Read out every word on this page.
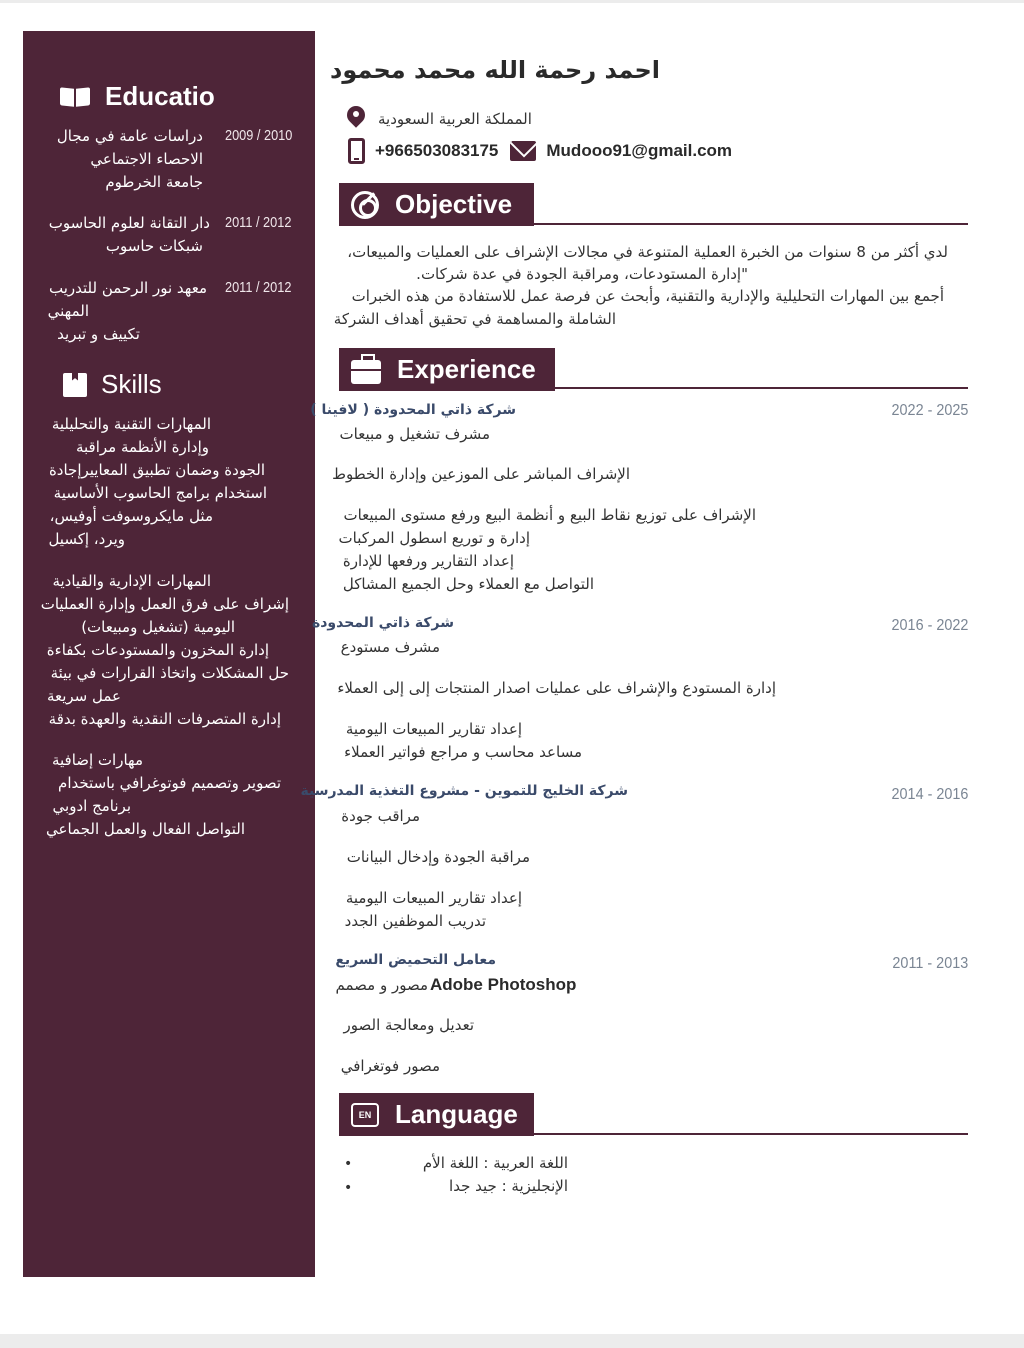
Educatio
2009 / 2010
دراسات عامة في مجال
الاحصاء الاجتماعي
جامعة الخرطوم
2011 / 2012
دار التقانة لعلوم الحاسوب
شبكات حاسوب
2011 / 2012
معهد نور الرحمن للتدريب
المهني
تكييف و تبريد
Skills
المهارات التقنية والتحليلية
وإدارة الأنظمة مراقبة
الجودة وضمان تطبيق المعاييرإجادة
استخدام برامج الحاسوب الأساسية
مثل مايكروسوفت أوفيس،
ويرد، إكسيل
المهارات الإدارية والقيادية
إشراف على فرق العمل وإدارة العمليات
اليومية (تشغيل ومبيعات)
إدارة المخزون والمستودعات بكفاءة
حل المشكلات واتخاذ القرارات في بيئة
عمل سريعة
إدارة المتصرفات النقدية والعهدة بدقة
مهارات إضافية
تصوير وتصميم فوتوغرافي باستخدام
برنامج ادوبي
التواصل الفعال والعمل الجماعي
احمد رحمة الله محمد محمود
المملكة العربية السعودية
+966503083175	Mudooo91@gmail.com
Objective
لدي أكثر من 8 سنوات من الخبرة العملية المتنوعة في مجالات الإشراف على العمليات والمبيعات،
"إدارة المستودعات، ومراقبة الجودة في عدة شركات.
أجمع بين المهارات التحليلية والإدارية والتقنية، وأبحث عن فرصة عمل للاستفادة من هذه الخبرات
الشاملة والمساهمة في تحقيق أهداف الشركة
Experience
شركة ذاتي المحدودة ( لافينا )	2022 - 2025
مشرف تشغيل و مبيعات
الإشراف المباشر على الموزعين وإدارة الخطوط
الإشراف على توزيع نقاط البيع و أنظمة البيع ورفع مستوى المبيعات
إدارة و توريع اسطول المركبات
إعداد التقارير ورفعها للإدارة
التواصل مع العملاء وحل الجميع المشاكل
شركة ذاتي المحدودة	2016 - 2022
مشرف مستودع
إدارة المستودع والإشراف على عمليات اصدار المنتجات إلى إلى العملاء
إعداد تقارير المبيعات اليومية
مساعد محاسب و مراجع فواتير العملاء
شركة الخليج للتموين - مشروع التغذية المدرسية	2014 - 2016
مراقب جودة
مراقبة الجودة وإدخال البيانات
إعداد تقارير المبيعات اليومية
تدريب الموظفين الجدد
معامل التحميض السريع	2011 - 2013
مصور و مصمم Adobe Photoshop
تعديل ومعالجة الصور
مصور فوتغرافي
EN Language
•	اللغة العربية : اللغة الأم
•	الإنجليزية : جيد جدا
